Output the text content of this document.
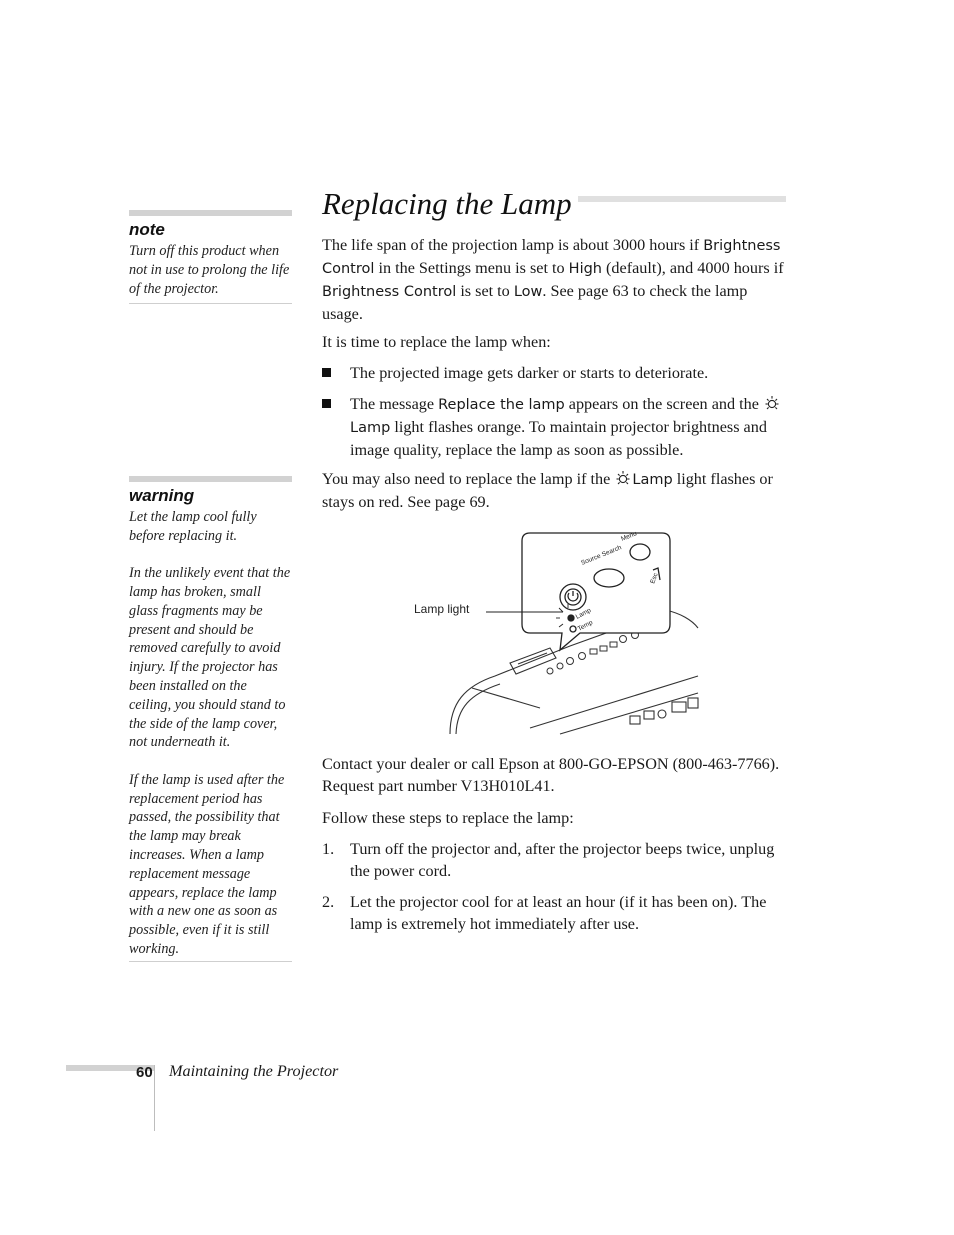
note

Turn off this product when not in use to prolong the life of the projector.

warning

Let the lamp cool fully before replacing it.

In the unlikely event that the lamp has broken, small glass fragments may be present and should be removed carefully to avoid injury. If the projector has been installed on the ceiling, you should stand to the side of the lamp cover, not underneath it.

If the lamp is used after the replacement period has passed, the possibility that the lamp may break increases. When a lamp replacement message appears, replace the lamp with a new one as soon as possible, even if it is still working.

Replacing the Lamp

The life span of the projection lamp is about 3000 hours if Brightness Control in the Settings menu is set to High (default), and 4000 hours if Brightness Control is set to Low. See page 63 to check the lamp usage.

It is time to replace the lamp when:

The projected image gets darker or starts to deteriorate.
The message Replace the lamp appears on the screen and the Lamp light flashes orange. To maintain projector brightness and image quality, replace the lamp as soon as possible.

You may also need to replace the lamp if the Lamp light flashes or stays on red. See page 69.

Source Search
Menu
Esc
Lamp
Temp
Lamp light

Contact your dealer or call Epson at 800-GO-EPSON (800-463-7766). Request part number V13H010L41.

Follow these steps to replace the lamp:

1. Turn off the projector and, after the projector beeps twice, unplug the power cord.
2. Let the projector cool for at least an hour (if it has been on). The lamp is extremely hot immediately after use.
60 Maintaining the Projector
